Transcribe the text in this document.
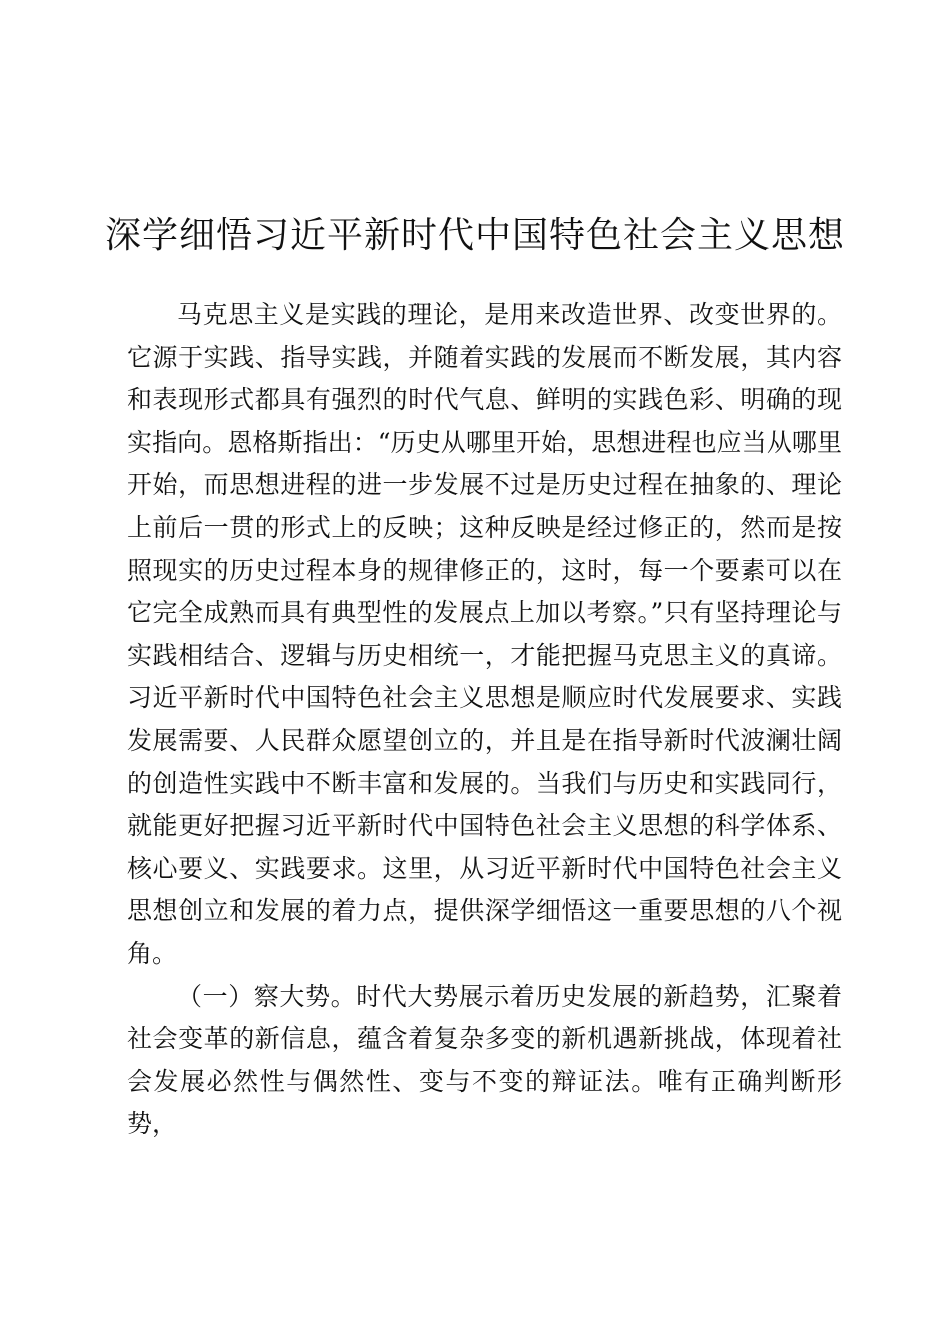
深学细悟习近平新时代中国特色社会主义思想

马克思主义是实践的理论，是用来改造世界、改变世界的。它源于实践、指导实践，并随着实践的发展而不断发展，其内容和表现形式都具有强烈的时代气息、鲜明的实践色彩、明确的现实指向。恩格斯指出：“历史从哪里开始，思想进程也应当从哪里开始，而思想进程的进一步发展不过是历史过程在抽象的、理论上前后一贯的形式上的反映；这种反映是经过修正的，然而是按照现实的历史过程本身的规律修正的，这时，每一个要素可以在它完全成熟而具有典型性的发展点上加以考察。”只有坚持理论与实践相结合、逻辑与历史相统一，才能把握马克思主义的真谛。习近平新时代中国特色社会主义思想是顺应时代发展要求、实践发展需要、人民群众愿望创立的，并且是在指导新时代波澜壮阔的创造性实践中不断丰富和发展的。当我们与历史和实践同行，就能更好把握习近平新时代中国特色社会主义思想的科学体系、核心要义、实践要求。这里，从习近平新时代中国特色社会主义思想创立和发展的着力点，提供深学细悟这一重要思想的八个视角。

（一）察大势。时代大势展示着历史发展的新趋势，汇聚着社会变革的新信息，蕴含着复杂多变的新机遇新挑战，体现着社会发展必然性与偶然性、变与不变的辩证法。唯有正确判断形势，
